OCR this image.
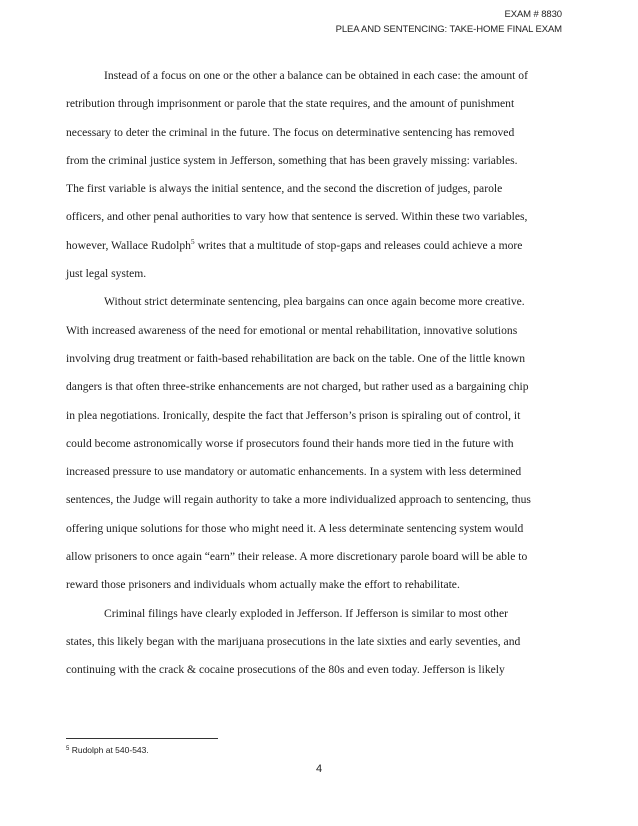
EXAM # 8830
PLEA AND SENTENCING: TAKE-HOME FINAL EXAM
Instead of a focus on one or the other a balance can be obtained in each case: the amount of
retribution through imprisonment or parole that the state requires, and the amount of punishment
necessary to deter the criminal in the future. The focus on determinative sentencing has removed
from the criminal justice system in Jefferson, something that has been gravely missing: variables.
The first variable is always the initial sentence, and the second the discretion of judges, parole
officers, and other penal authorities to vary how that sentence is served. Within these two variables,
however, Wallace Rudolph$^5$ writes that a multitude of stop-gaps and releases could achieve a more
just legal system.
Without strict determinate sentencing, plea bargains can once again become more creative.
With increased awareness of the need for emotional or mental rehabilitation, innovative solutions
involving drug treatment or faith-based rehabilitation are back on the table. One of the little known
dangers is that often three-strike enhancements are not charged, but rather used as a bargaining chip
in plea negotiations. Ironically, despite the fact that Jefferson’s prison is spiraling out of control, it
could become astronomically worse if prosecutors found their hands more tied in the future with
increased pressure to use mandatory or automatic enhancements. In a system with less determined
sentences, the Judge will regain authority to take a more individualized approach to sentencing, thus
offering unique solutions for those who might need it. A less determinate sentencing system would
allow prisoners to once again “earn” their release. A more discretionary parole board will be able to
reward those prisoners and individuals whom actually make the effort to rehabilitate.
Criminal filings have clearly exploded in Jefferson. If Jefferson is similar to most other
states, this likely began with the marijuana prosecutions in the late sixties and early seventies, and
continuing with the crack & cocaine prosecutions of the 80s and even today. Jefferson is likely
$^5$ Rudolph at 540-543.
4
